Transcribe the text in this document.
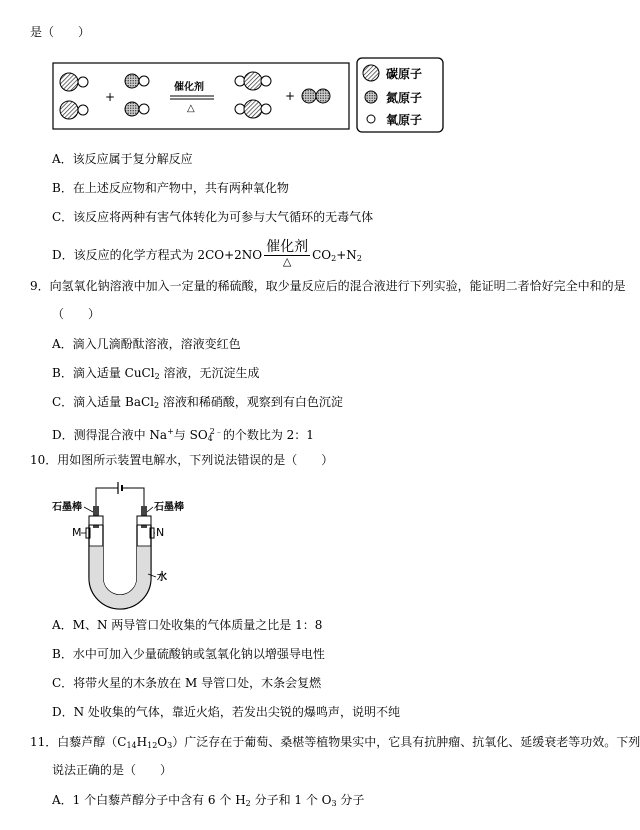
是（　　）
+
催化剂
△
+
碳原子
氮原子
氧原子
A．该反应属于复分解反应
B．在上述反应物和产物中，共有两种氧化物
C．该反应将两种有害气体转化为可参与大气循环的无毒气体
D．该反应的化学方程式为 $2CO+2NO \frac{\text{催化剂}}{\triangle} CO_2+N_2$
9．向氢氧化钠溶液中加入一定量的稀硫酸，取少量反应后的混合液进行下列实验，能证明二者恰好完全中和的是
（　　）
A．滴入几滴酚酞溶液，溶液变红色
B．滴入适量 CuCl$_2$ 溶液，无沉淀生成
C．滴入适量 BaCl$_2$ 溶液和稀硝酸，观察到有白色沉淀
D．测得混合液中 Na+与 $SO_4^{2﹣}$的个数比为 2：1
10．用如图所示装置电解水，下列说法错误的是（　　）
石墨棒	石墨棒
M	N
水
A．M、N 两导管口处收集的气体质量之比是 1：8
B．水中可加入少量硫酸钠或氢氧化钠以增强导电性
C．将带火星的木条放在 M 导管口处，木条会复燃
D．N 处收集的气体，靠近火焰，若发出尖锐的爆鸣声，说明不纯
11．白藜芦醇$(C_{14}H_{12}O_3)$广泛存在于葡萄、桑椹等植物果实中，它具有抗肿瘤、抗氧化、延缓衰老等功效。下列
说法正确的是（　　）
A．1 个白藜芦醇分子中含有 6 个 $H_2$ 分子和 1 个 $O_3$ 分子
